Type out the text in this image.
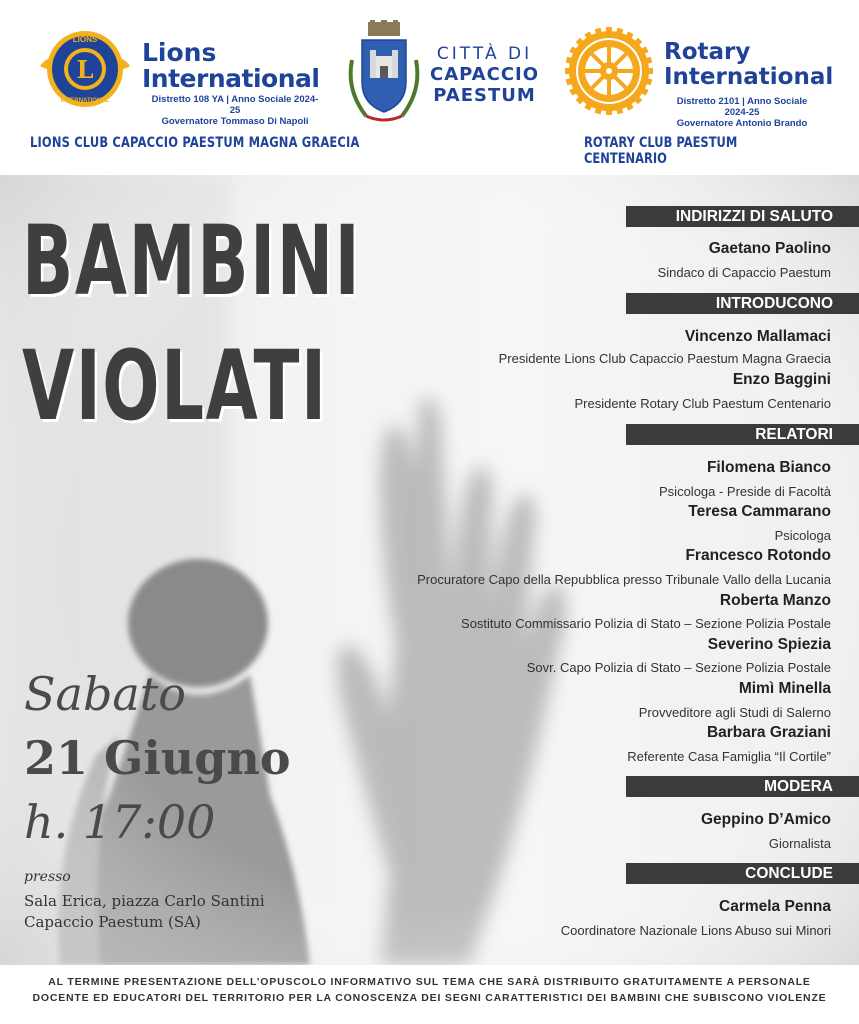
LIONS
INTERNATIONAL
L
Lions
International
Distretto 108 YA | Anno Sociale 2024-25
Governatore Tommaso Di Napoli
LIONS CLUB CAPACCIO PAESTUM MAGNA GRAECIA
CITTÀ DI
CAPACCIO
PAESTUM
Rotary
International
Distretto 2101 | Anno Sociale 2024-25
Governatore Antonio Brando
ROTARY CLUB PAESTUM CENTENARIO
BAMBINI
VIOLATI
Sabato
21 Giugno
h. 17:00
presso
Sala Erica, piazza Carlo Santini
Capaccio Paestum (SA)
INDIRIZZI DI SALUTO
Gaetano Paolino
Sindaco di Capaccio Paestum
INTRODUCONO
Vincenzo Mallamaci
Presidente Lions Club Capaccio Paestum Magna Graecia
Enzo Baggini
Presidente Rotary Club Paestum Centenario
RELATORI
Filomena Bianco
Psicologa - Preside di Facoltà
Teresa Cammarano
Psicologa
Francesco Rotondo
Procuratore Capo della Repubblica presso Tribunale Vallo della Lucania
Roberta Manzo
Sostituto Commissario Polizia di Stato – Sezione Polizia Postale
Severino Spiezia
Sovr. Capo Polizia di Stato – Sezione Polizia Postale
Mimì Minella
Provveditore agli Studi di Salerno
Barbara Graziani
Referente Casa Famiglia “Il Cortile”
MODERA
Geppino D’Amico
Giornalista
CONCLUDE
Carmela Penna
Coordinatore Nazionale Lions Abuso sui Minori
AL TERMINE PRESENTAZIONE DELL’OPUSCOLO INFORMATIVO SUL TEMA CHE SARÀ DISTRIBUITO GRATUITAMENTE A PERSONALE
DOCENTE ED EDUCATORI DEL TERRITORIO PER LA CONOSCENZA DEI SEGNI CARATTERISTICI DEI BAMBINI CHE SUBISCONO VIOLENZE
